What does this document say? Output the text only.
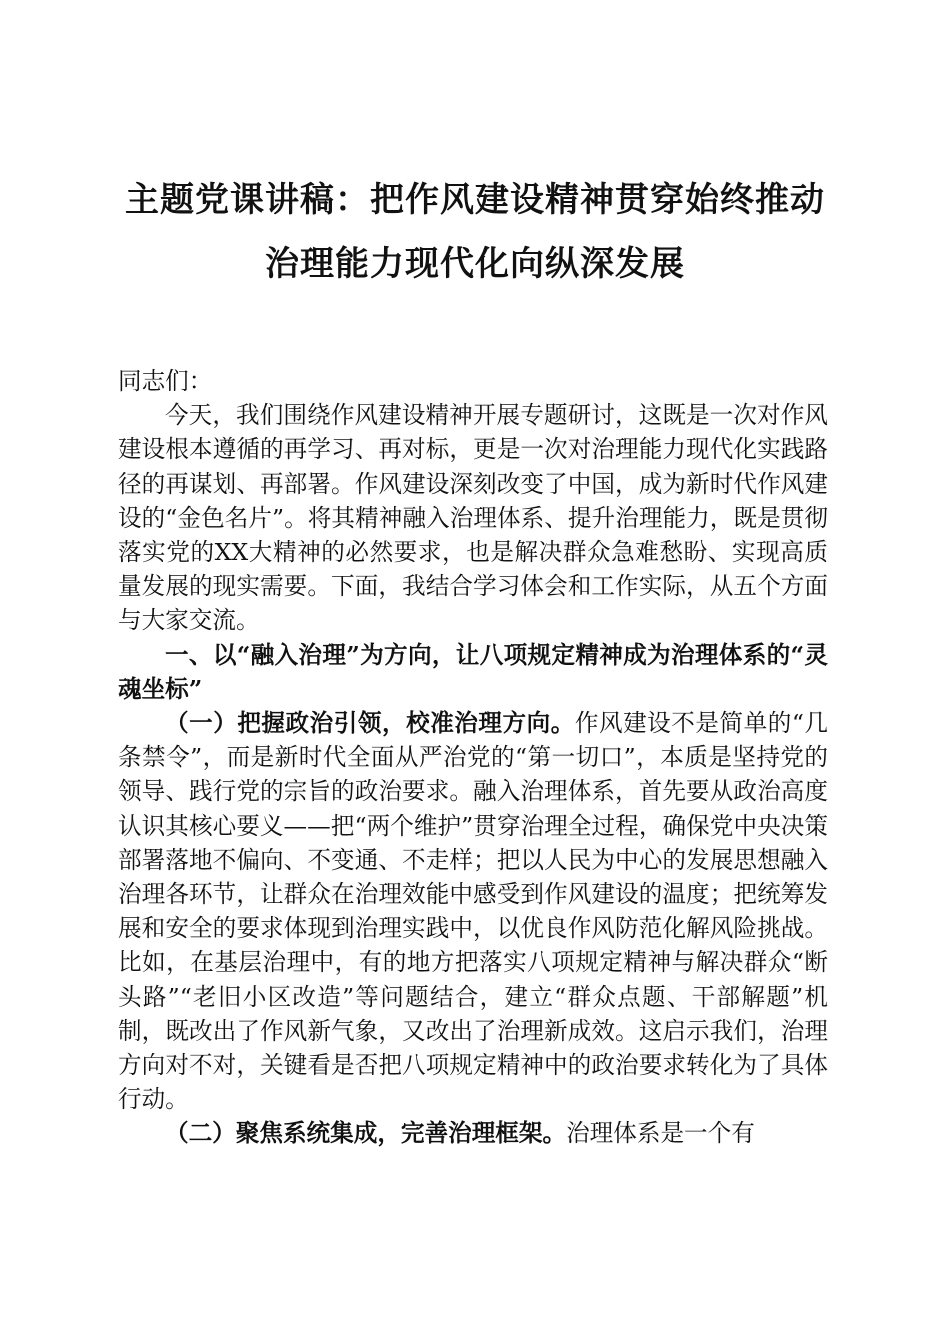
主题党课讲稿：把作风建设精神贯穿始终推动
治理能力现代化向纵深发展

同志们：

今天，我们围绕作风建设精神开展专题研讨，这既是一次对作风建设根本遵循的再学习、再对标，更是一次对治理能力现代化实践路径的再谋划、再部署。作风建设深刻改变了中国，成为新时代作风建设的“金色名片”。将其精神融入治理体系、提升治理能力，既是贯彻落实党的XX大精神的必然要求，也是解决群众急难愁盼、实现高质量发展的现实需要。下面，我结合学习体会和工作实际，从五个方面与大家交流。

一、以“融入治理”为方向，让八项规定精神成为治理体系的“灵魂坐标”

（一）把握政治引领，校准治理方向。作风建设不是简单的“几条禁令”，而是新时代全面从严治党的“第一切口”，本质是坚持党的领导、践行党的宗旨的政治要求。融入治理体系，首先要从政治高度认识其核心要义——把“两个维护”贯穿治理全过程，确保党中央决策部署落地不偏向、不变通、不走样；把以人民为中心的发展思想融入治理各环节，让群众在治理效能中感受到作风建设的温度；把统筹发展和安全的要求体现到治理实践中，以优良作风防范化解风险挑战。比如，在基层治理中，有的地方把落实八项规定精神与解决群众“断头路”“老旧小区改造”等问题结合，建立“群众点题、干部解题”机制，既改出了作风新气象，又改出了治理新成效。这启示我们，治理方向对不对，关键看是否把八项规定精神中的政治要求转化为了具体行动。

（二）聚焦系统集成，完善治理框架。治理体系是一个有
